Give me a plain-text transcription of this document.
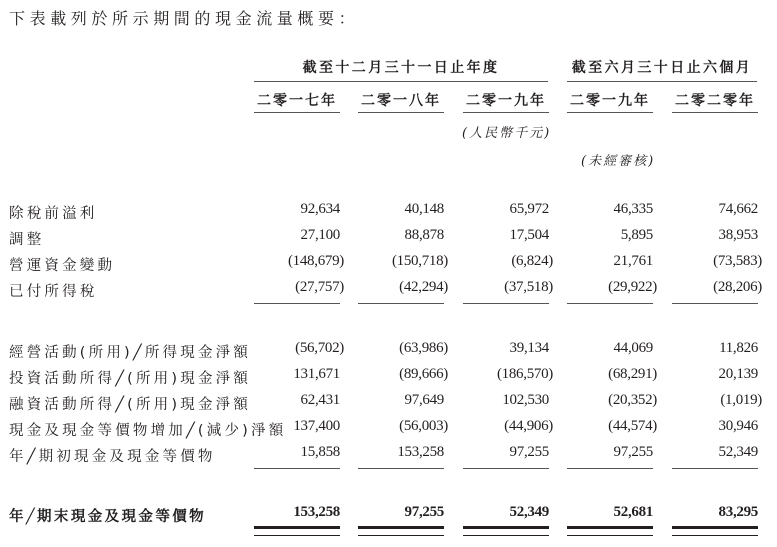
下表載列於所示期間的現金流量概要：
截至十二月三十一日止年度	截至六月三十日止六個月
二零一七年 二零一八年 二零一九年 二零一九年 二零二零年
(人民幣千元)
(未經審核)
除稅前溢利	92,634	40,148	65,972	46,335	74,662
調整	27,100	88,878	17,504	5,895	38,953
營運資金變動	(148,679)	(150,718)	(6,824)	21,761	(73,583)
已付所得稅	(27,757)	(42,294)	(37,518)	(29,922)	(28,206)
經營活動(所用)╱所得現金淨額	(56,702)	(63,986)	39,134	44,069	11,826
投資活動所得╱(所用)現金淨額	131,671	(89,666)	(186,570)	(68,291)	20,139
融資活動所得╱(所用)現金淨額	62,431	97,649	102,530	(20,352)	(1,019)
現金及現金等價物增加╱(減少)淨額 137,400	(56,003)	(44,906)	(44,574)	30,946
年╱期初現金及現金等價物	15,858	153,258	97,255	97,255	52,349
年╱期末現金及現金等價物	153,258	97,255	52,349	52,681	83,295
